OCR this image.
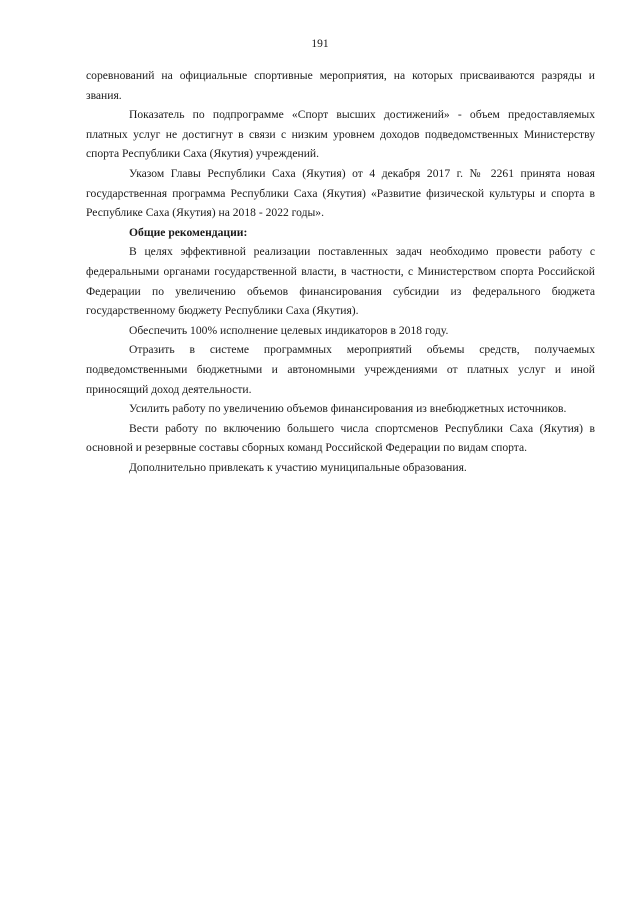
191

соревнований на официальные спортивные мероприятия, на которых присваиваются разряды и звания.

Показатель по подпрограмме «Спорт высших достижений» - объем предоставляемых платных услуг не достигнут в связи с низким уровнем доходов подведомственных Министерству спорта Республики Саха (Якутия) учреждений.

Указом Главы Республики Саха (Якутия) от 4 декабря 2017 г. № 2261 принята новая государственная программа Республики Саха (Якутия) «Развитие физической культуры и спорта в Республике Саха (Якутия) на 2018 - 2022 годы».

Общие рекомендации:

В целях эффективной реализации поставленных задач необходимо провести работу с федеральными органами государственной власти, в частности, с Министерством спорта Российской Федерации по увеличению объемов финансирования субсидии из федерального бюджета государственному бюджету Республики Саха (Якутия).

Обеспечить 100% исполнение целевых индикаторов в 2018 году.

Отразить в системе программных мероприятий объемы средств, получаемых подведомственными бюджетными и автономными учреждениями от платных услуг и иной приносящий доход деятельности.

Усилить работу по увеличению объемов финансирования из внебюджетных источников.

Вести работу по включению большего числа спортсменов Республики Саха (Якутия) в основной и резервные составы сборных команд Российской Федерации по видам спорта.

Дополнительно привлекать к участию муниципальные образования.
